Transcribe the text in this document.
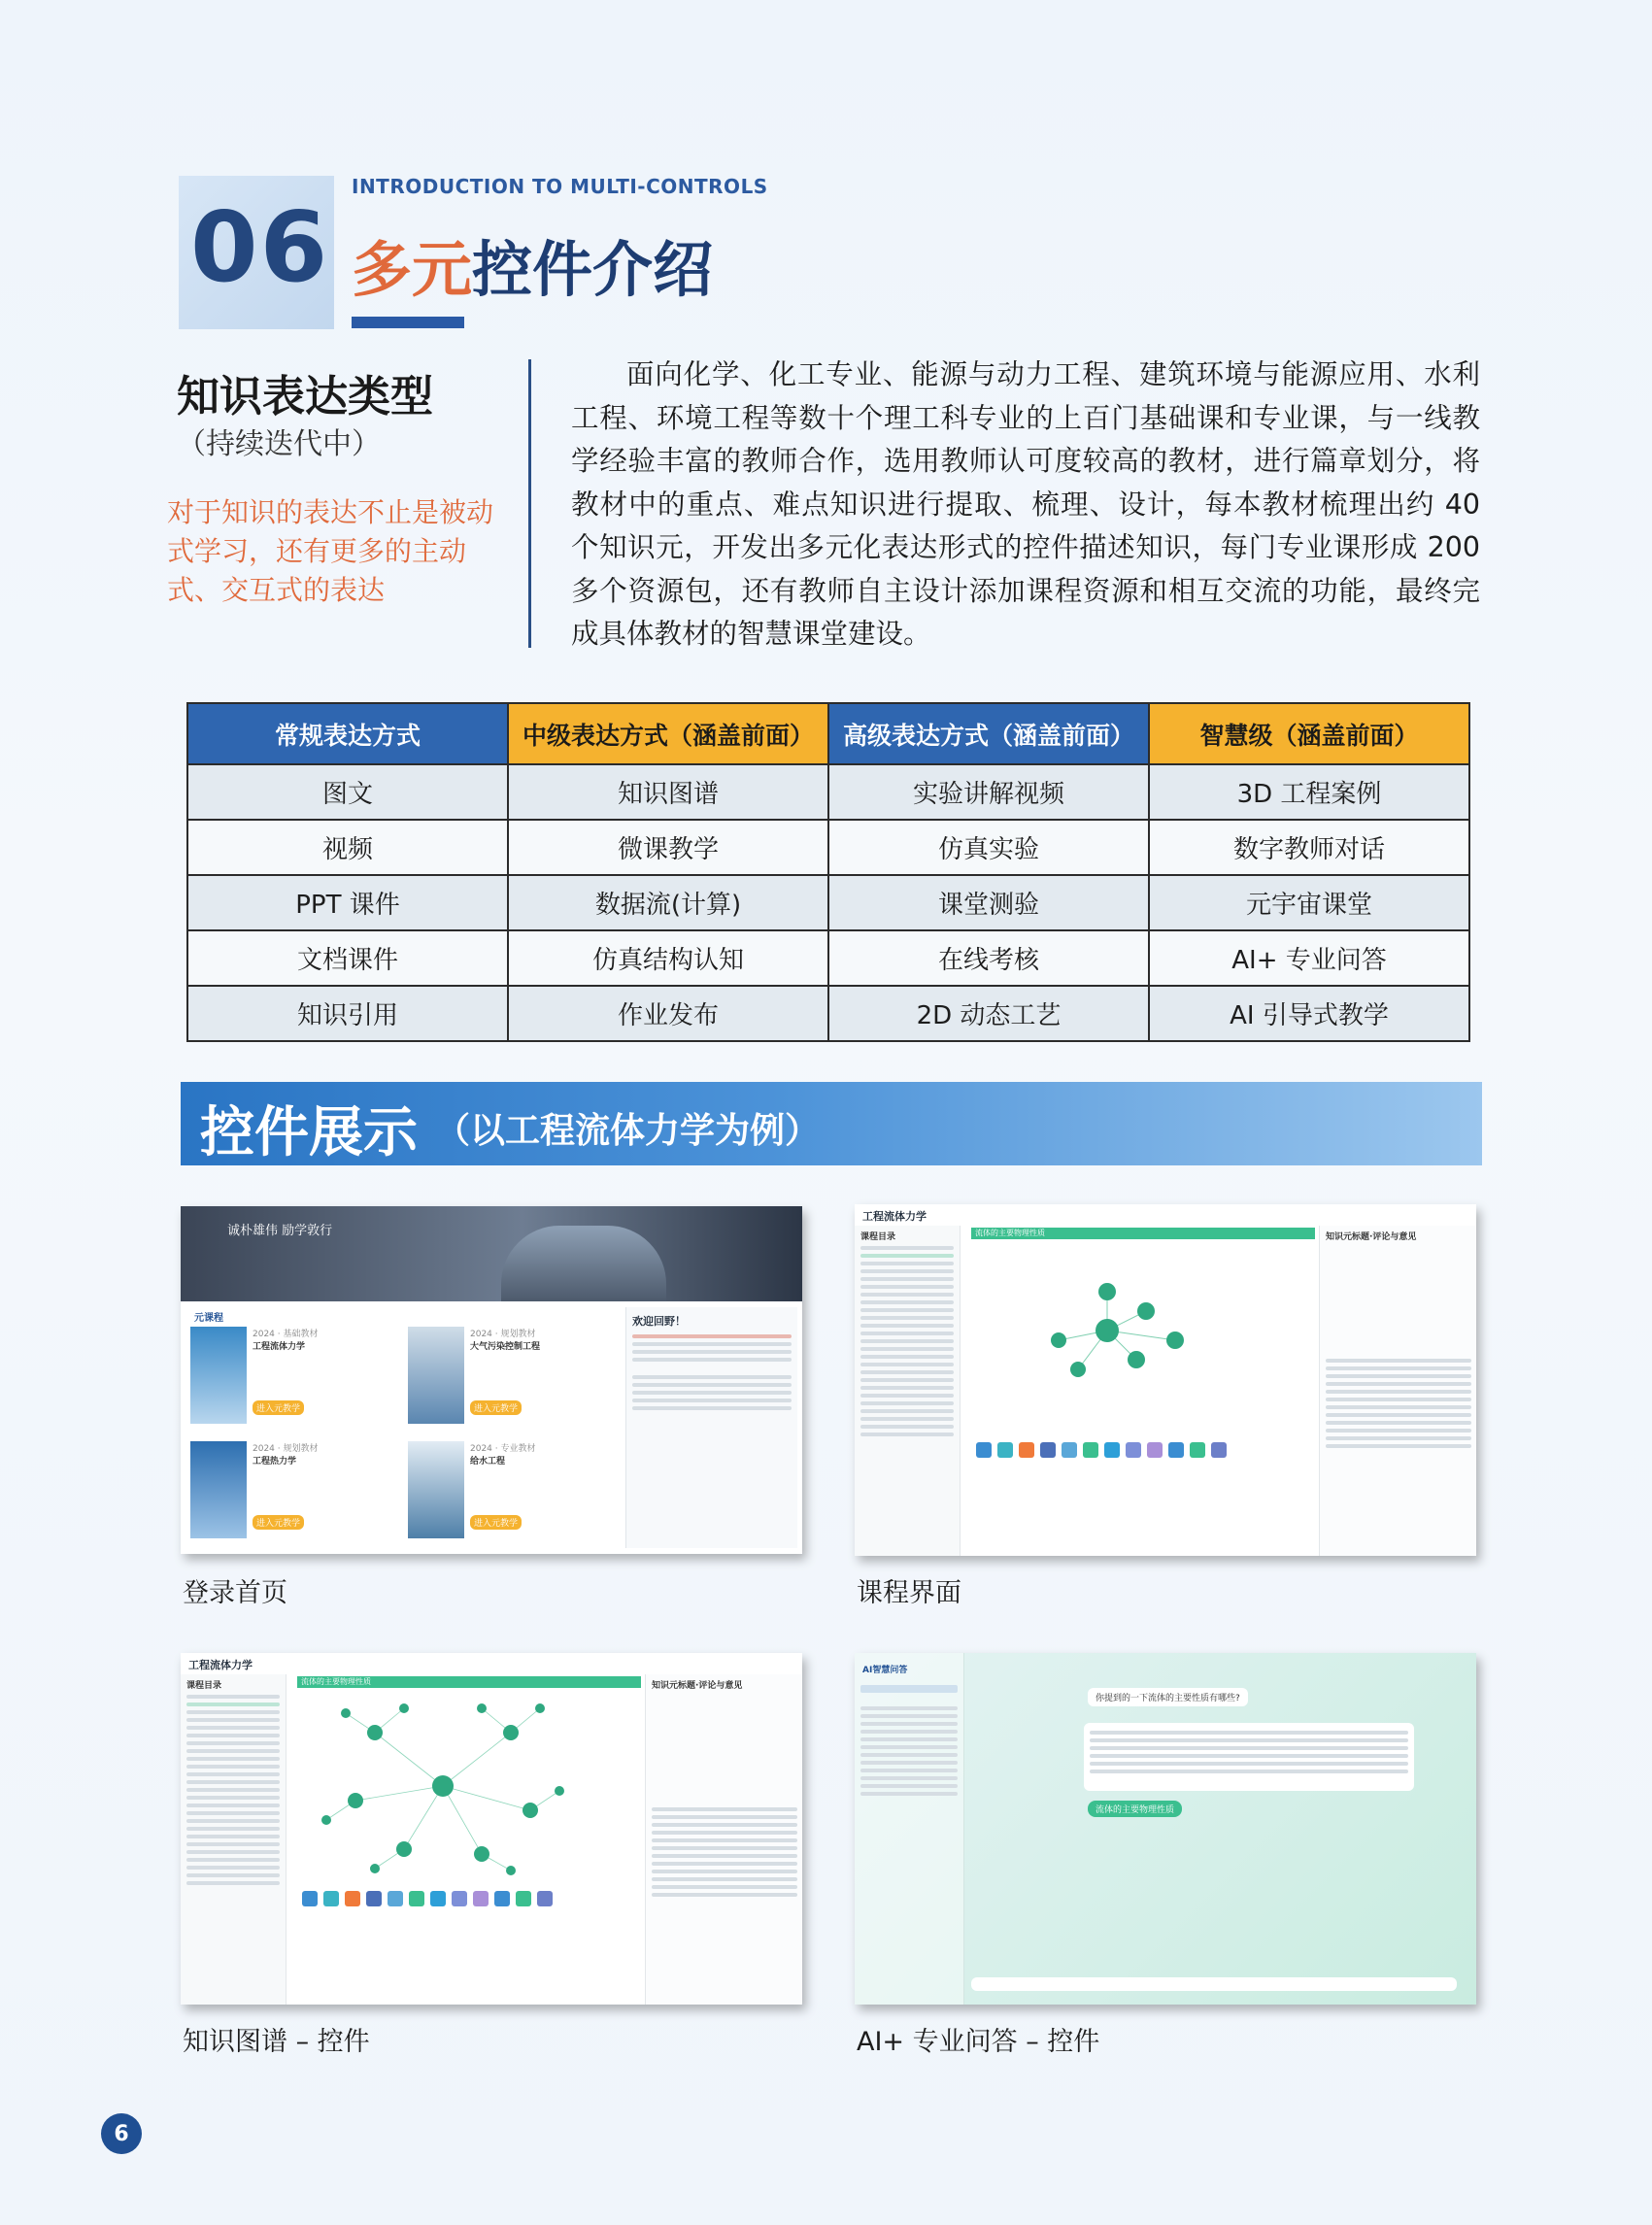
06
INTRODUCTION TO MULTI-CONTROLS
多元控件介绍
知识表达类型
（持续迭代中）
对于知识的表达不止是被动式学习，还有更多的主动式、交互式的表达
面向化学、化工专业、能源与动力工程、建筑环境与能源应用、水利工程、环境工程等数十个理工科专业的上百门基础课和专业课，与一线教学经验丰富的教师合作，选用教师认可度较高的教材，进行篇章划分，将教材中的重点、难点知识进行提取、梳理、设计，每本教材梳理出约 40 个知识元，开发出多元化表达形式的控件描述知识，每门专业课形成 200 多个资源包，还有教师自主设计添加课程资源和相互交流的功能，最终完成具体教材的智慧课堂建设。
常规表达方式	中级表达方式（涵盖前面）	高级表达方式（涵盖前面）	智慧级（涵盖前面）
图文	知识图谱	实验讲解视频	3D 工程案例
视频	微课教学	仿真实验	数字教师对话
PPT 课件	数据流(计算)	课堂测验	元宇宙课堂
文档课件	仿真结构认知	在线考核	AI+ 专业问答
知识引用	作业发布	2D 动态工艺	AI 引导式教学
控件展示 （以工程流体力学为例）
诚朴雄伟 励学敦行
元课程
2024 · 基础教材
工程流体力学
进入元教学
2024 · 规划教材
大气污染控制工程
进入元教学
2024 · 规划教材
工程热力学
进入元教学
2024 · 专业教材
给水工程
进入元教学
欢迎回野！
登录首页
工程流体力学
课程目录	流体的主要物理性质	知识元标题·评论与意见
课程界面
工程流体力学
课程目录	流体的主要物理性质	知识元标题·评论与意见
知识图谱 – 控件
AI智慧问答
你提到的一下流体的主要性质有哪些?
流体的主要物理性质
AI+ 专业问答 – 控件
6
